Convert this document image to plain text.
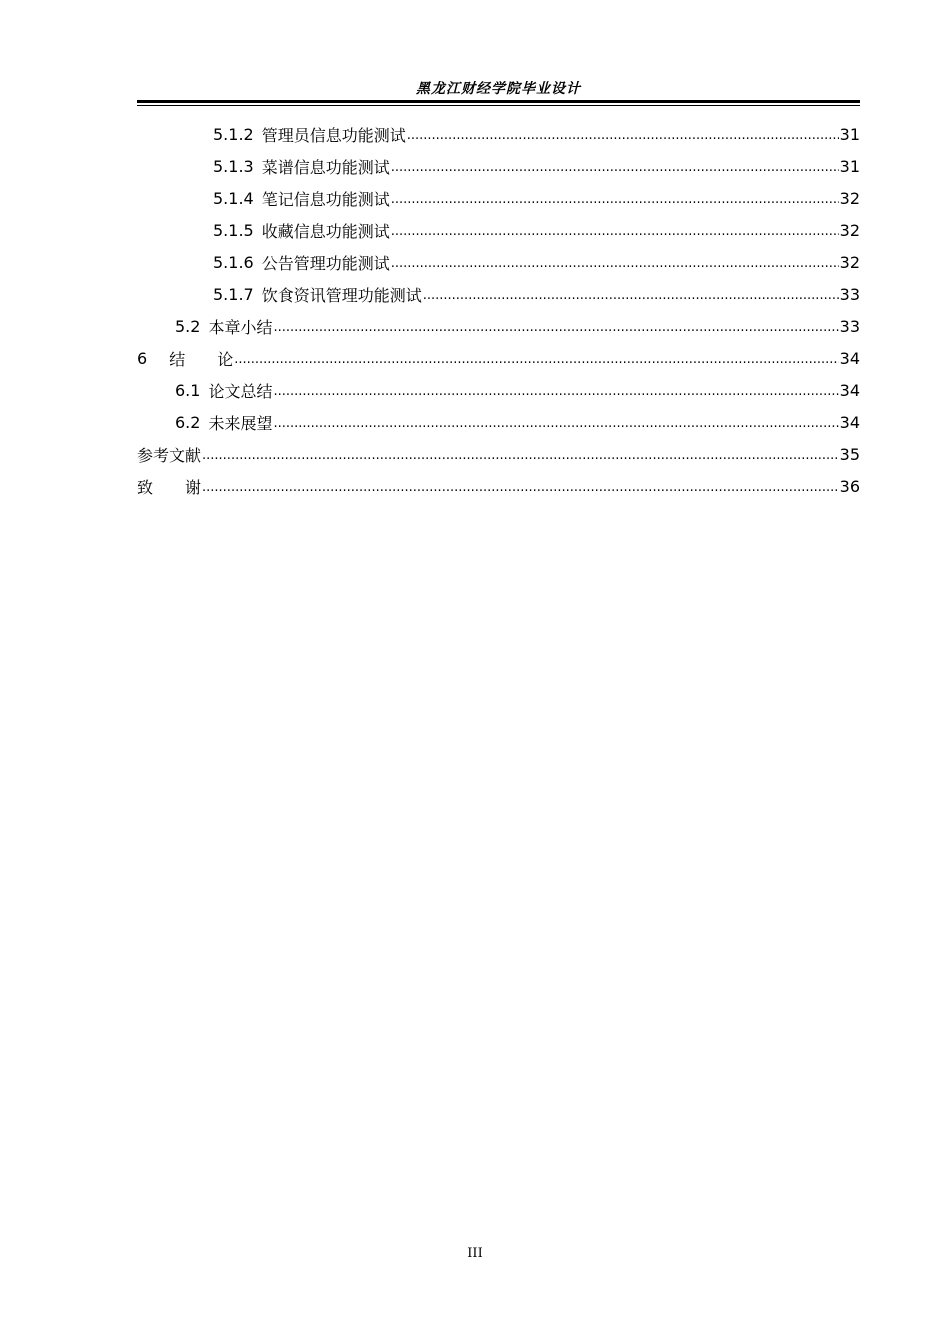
黑龙江财经学院毕业设计
5.1.2 管理员信息功能测试 .....	31
5.1.3 菜谱信息功能测试 .....	31
5.1.4 笔记信息功能测试 .....	32
5.1.5 收藏信息功能测试 .....	32
5.1.6 公告管理功能测试 .....	32
5.1.7 饮食资讯管理功能测试 .....	33
5.2 本章小结 .....	33
6 结　　论 .....	34
6.1 论文总结 .....	34
6.2 未来展望 .....	34
参考文献 .....	35
致　　谢 .....	36
III
